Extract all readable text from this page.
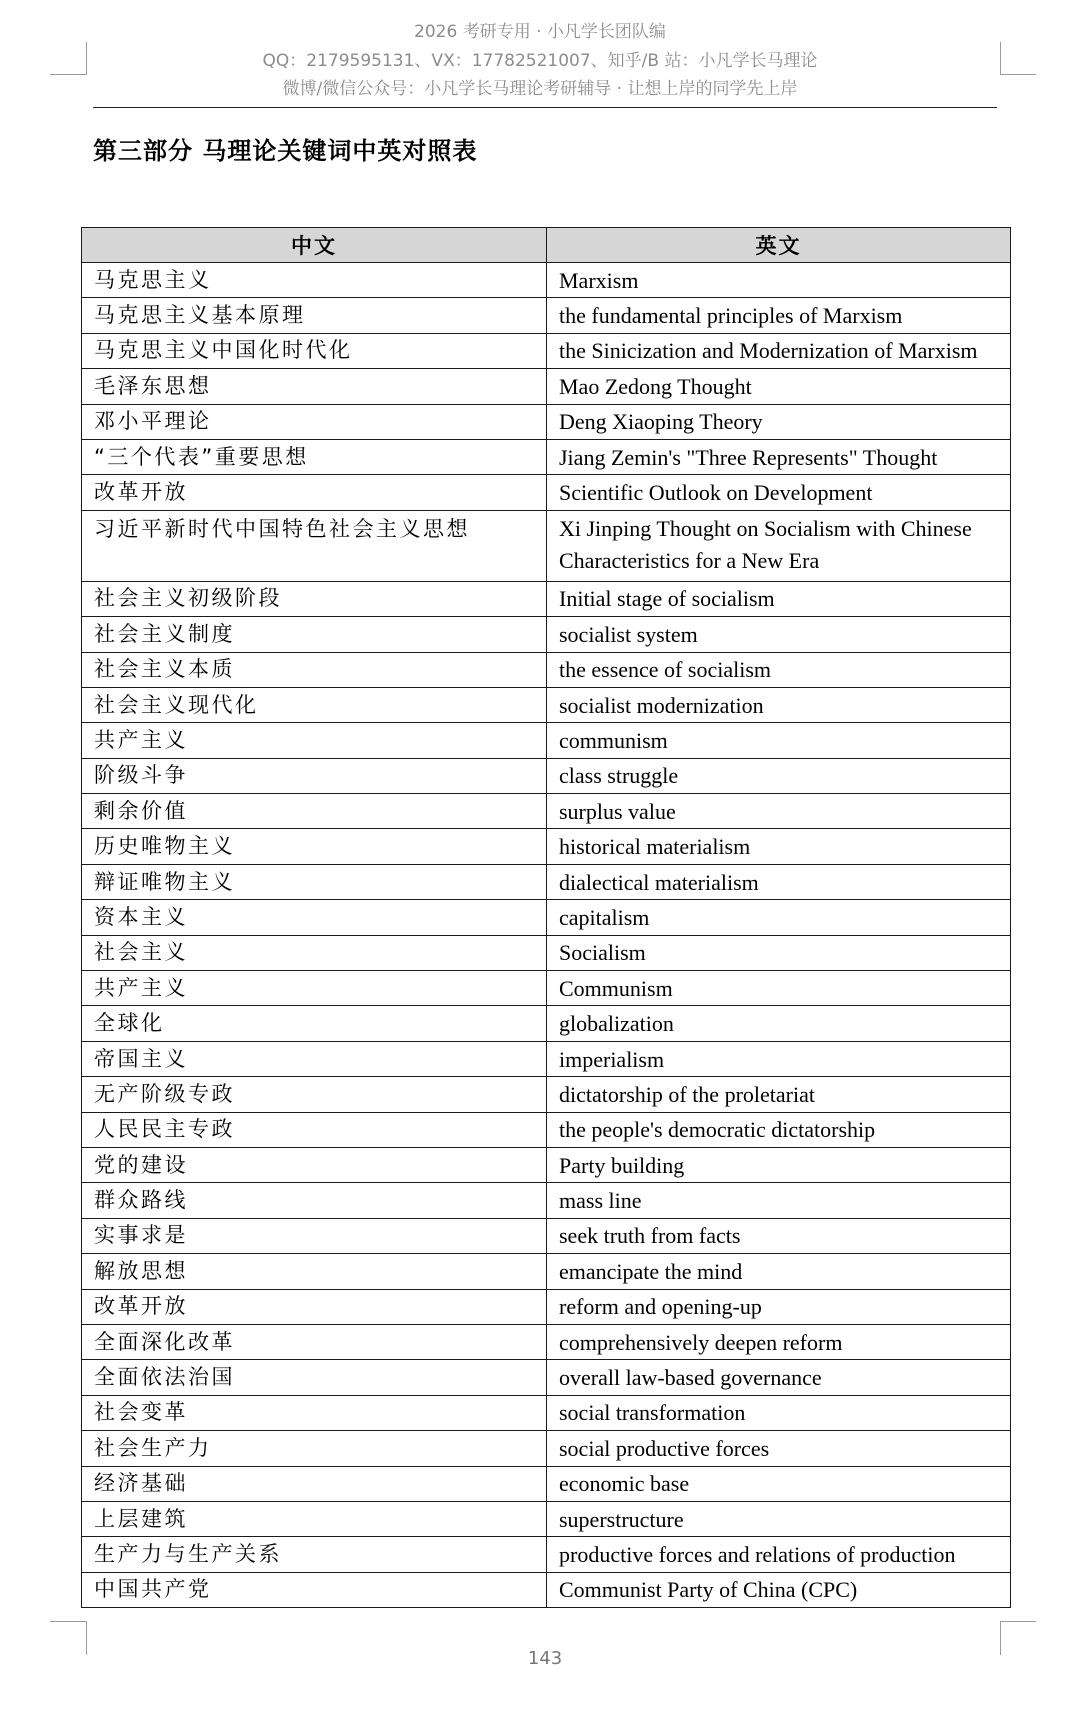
2026 考研专用 · 小凡学长团队编
QQ：2179595131、VX：17782521007、知乎/B 站：小凡学长马理论
微博/微信公众号：小凡学长马理论考研辅导 · 让想上岸的同学先上岸
第三部分 马理论关键词中英对照表
中文	英文
马克思主义	Marxism
马克思主义基本原理	the fundamental principles of Marxism
马克思主义中国化时代化	the Sinicization and Modernization of Marxism
毛泽东思想	Mao Zedong Thought
邓小平理论	Deng Xiaoping Theory
“三个代表”重要思想	Jiang Zemin's "Three Represents" Thought
改革开放	Scientific Outlook on Development
习近平新时代中国特色社会主义思想	Xi Jinping Thought on Socialism with Chinese Characteristics for a New Era
社会主义初级阶段	Initial stage of socialism
社会主义制度	socialist system
社会主义本质	the essence of socialism
社会主义现代化	socialist modernization
共产主义	communism
阶级斗争	class struggle
剩余价值	surplus value
历史唯物主义	historical materialism
辩证唯物主义	dialectical materialism
资本主义	capitalism
社会主义	Socialism
共产主义	Communism
全球化	globalization
帝国主义	imperialism
无产阶级专政	dictatorship of the proletariat
人民民主专政	the people's democratic dictatorship
党的建设	Party building
群众路线	mass line
实事求是	seek truth from facts
解放思想	emancipate the mind
改革开放	reform and opening-up
全面深化改革	comprehensively deepen reform
全面依法治国	overall law-based governance
社会变革	social transformation
社会生产力	social productive forces
经济基础	economic base
上层建筑	superstructure
生产力与生产关系	productive forces and relations of production
中国共产党	Communist Party of China (CPC)
143
